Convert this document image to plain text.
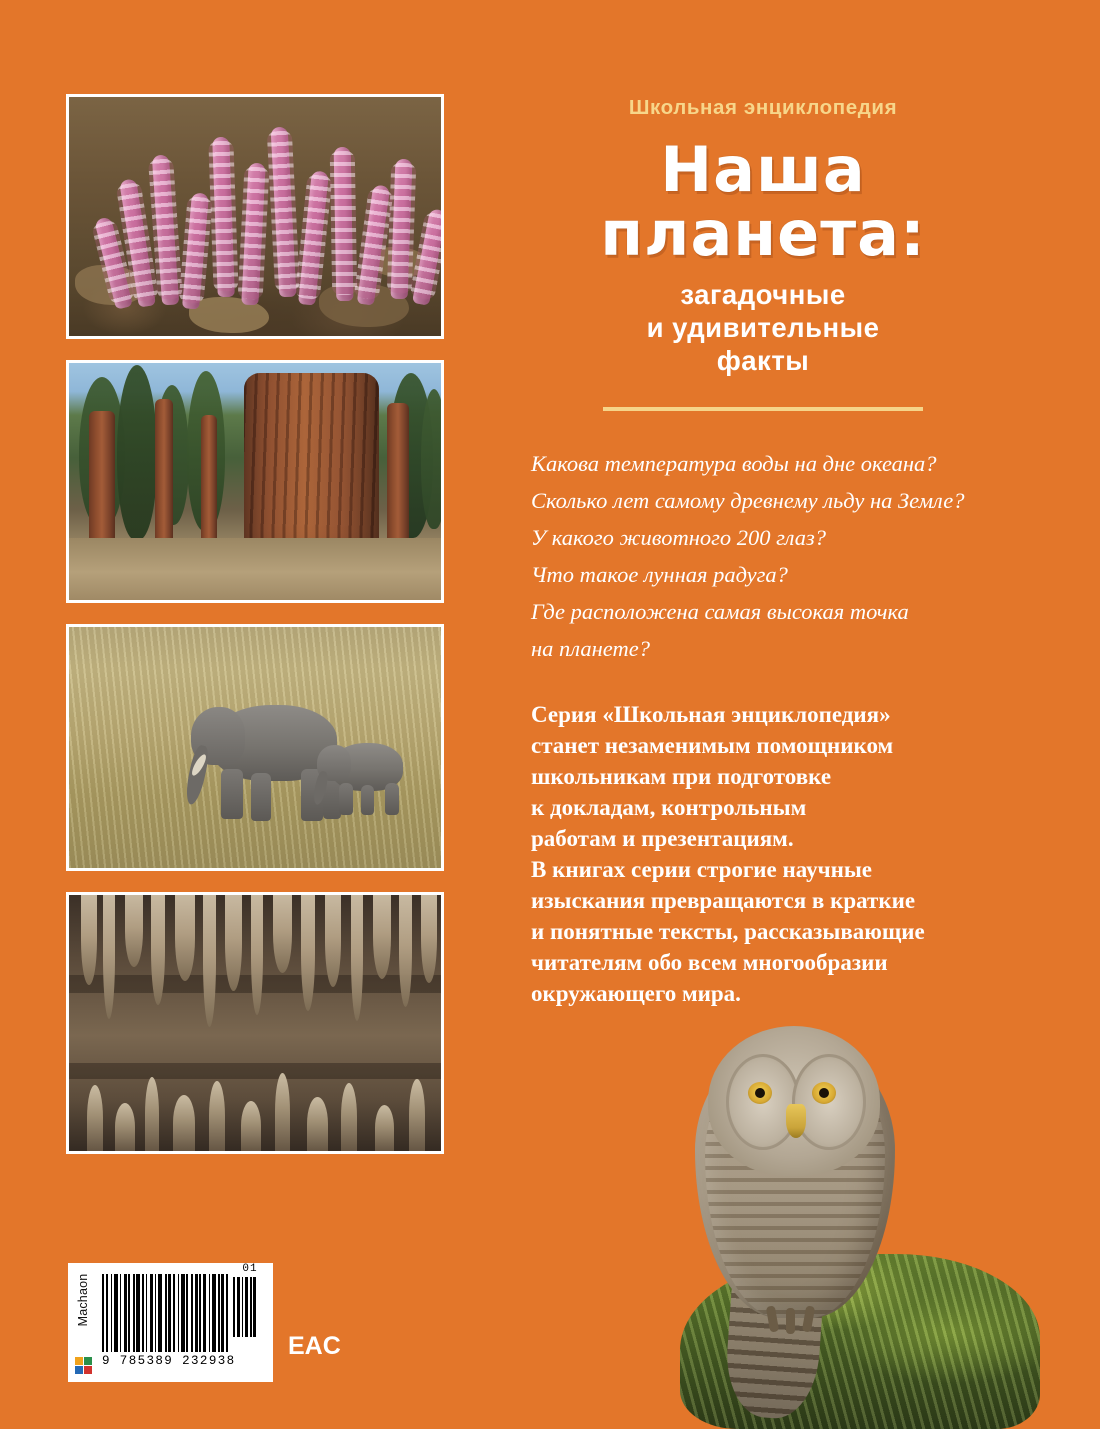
Школьная энциклопедия
Наша
планета:
загадочные
и удивительные
факты

Какова температура воды на дне океана?

Сколько лет самому древнему льду на Земле?

У какого животного 200 глаз?

Что такое лунная радуга?

Где расположена самая высокая точка

на планете?

Серия «Школьная энциклопедия»

станет незаменимым помощником

школьникам при подготовке

к докладам, контрольным

работам и презентациям.

В книгах серии строгие научные

изыскания превращаются в краткие

и понятные тексты, рассказывающие

читателям обо всем многообразии

окружающего мира.

Machaon
9 785389 232938
01
EAC
